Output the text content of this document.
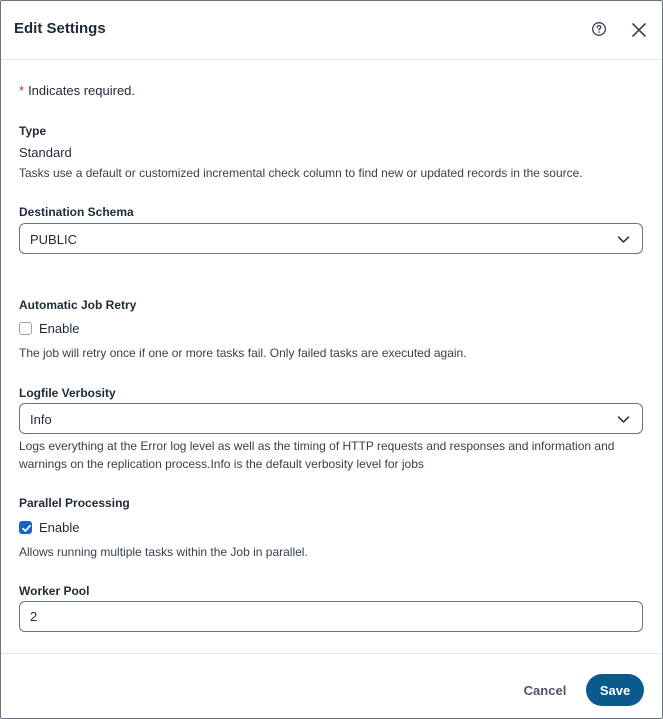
Edit Settings
* Indicates required.
Type
Standard
Tasks use a default or customized incremental check column to find new or updated records in the source.
Destination Schema
PUBLIC
Automatic Job Retry
Enable
The job will retry once if one or more tasks fail. Only failed tasks are executed again.
Logfile Verbosity
Info
Logs everything at the Error log level as well as the timing of HTTP requests and responses and information and warnings on the replication process.Info is the default verbosity level for jobs
Parallel Processing
Enable
Allows running multiple tasks within the Job in parallel.
Worker Pool
2
Cancel	Save
